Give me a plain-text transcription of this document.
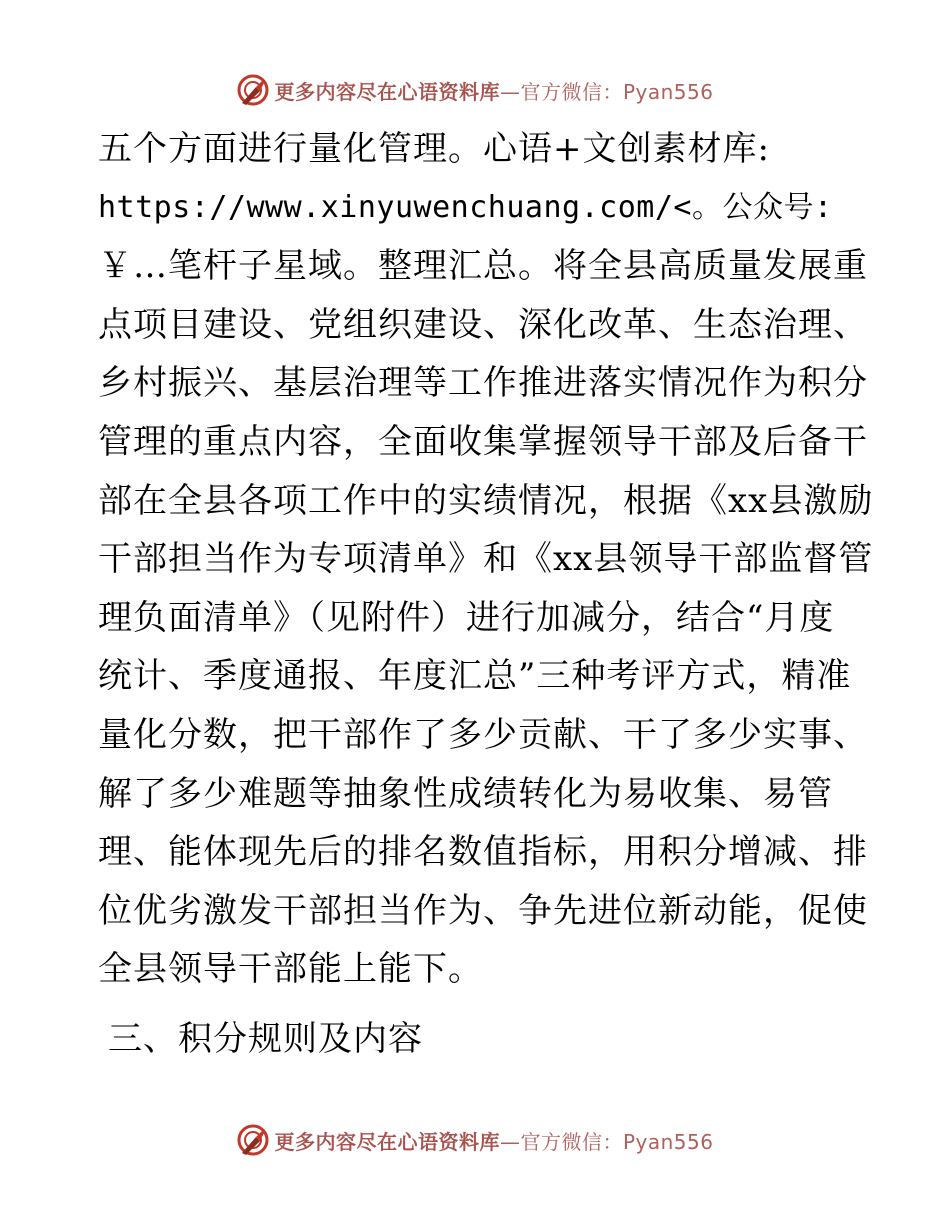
更多内容尽在心语资料库—官方微信：Pyan556
五个方面进行量化管理。心语+文创素材库:
https://www.xinyuwenchuang.com/<。公众号:
￥…笔杆子星域。整理汇总。将全县高质量发展重
点项目建设、党组织建设、深化改革、生态治理、
乡村振兴、基层治理等工作推进落实情况作为积分
管理的重点内容，全面收集掌握领导干部及后备干
部在全县各项工作中的实绩情况，根据《xx县激励
干部担当作为专项清单》和《xx县领导干部监督管
理负面清单》（见附件）进行加减分，结合“月度
统计、季度通报、年度汇总”三种考评方式，精准
量化分数，把干部作了多少贡献、干了多少实事、
解了多少难题等抽象性成绩转化为易收集、易管
理、能体现先后的排名数值指标，用积分增减、排
位优劣激发干部担当作为、争先进位新动能，促使
全县领导干部能上能下。
三、积分规则及内容
更多内容尽在心语资料库—官方微信：Pyan556
